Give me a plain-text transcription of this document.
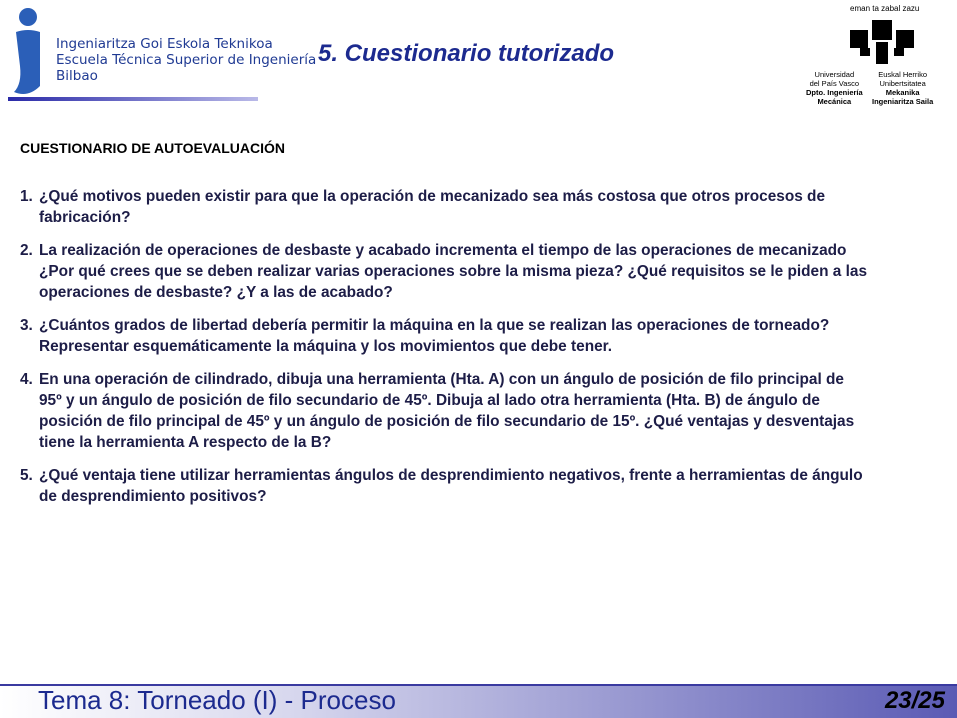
Ingeniaritza Goi Eskola Teknikoa
Escuela Técnica Superior de Ingeniería
Bilbao
5. Cuestionario tutorizado
eman ta zabal zazu
Universidad
del País Vasco
Dpto. Ingeniería
Mecánica
Euskal Herriko
Unibertsitatea
Mekanika
Ingeniaritza Saila
CUESTIONARIO DE AUTOEVALUACIÓN
1. ¿Qué motivos pueden existir para que la operación de mecanizado sea más costosa que otros procesos de fabricación?
2. La realización de operaciones de desbaste y acabado incrementa el tiempo de las operaciones de mecanizado ¿Por qué crees que se deben realizar varias operaciones sobre la misma pieza? ¿Qué requisitos se le piden a las operaciones de desbaste? ¿Y a las de acabado?
3. ¿Cuántos grados de libertad debería permitir la máquina en la que se realizan las operaciones de torneado? Representar esquemáticamente la máquina y los movimientos que debe tener.
4. En una operación de cilindrado, dibuja una herramienta (Hta. A) con un ángulo de posición de filo principal de 95º y un ángulo de posición de filo secundario de 45º. Dibuja al lado otra herramienta (Hta. B) de ángulo de posición de filo principal de 45º y un ángulo de posición de filo secundario de 15º. ¿Qué ventajas y desventajas tiene la herramienta A respecto de la B?
5. ¿Qué ventaja tiene utilizar herramientas ángulos de desprendimiento negativos, frente a herramientas de ángulo de desprendimiento positivos?
Tema 8: Torneado (I) - Proceso	23/25
